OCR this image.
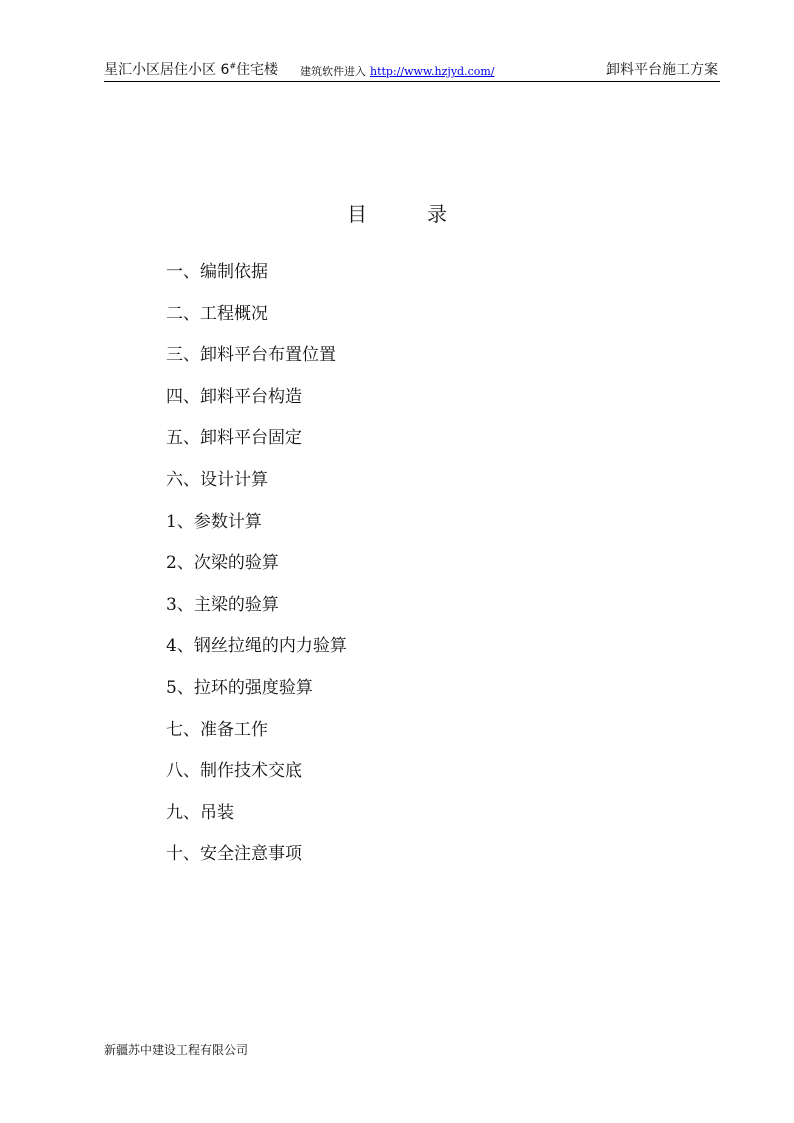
星汇小区居住小区 6#住宅楼 建筑软件进入 http://www.hzjyd.com/	卸料平台施工方案
目	录
一、编制依据
二、工程概况
三、卸料平台布置位置
四、卸料平台构造
五、卸料平台固定
六、设计计算
1、参数计算
2、次梁的验算
3、主梁的验算
4、钢丝拉绳的内力验算
5、拉环的强度验算
七、准备工作
八、制作技术交底
九、吊装
十、安全注意事项
新疆苏中建设工程有限公司
